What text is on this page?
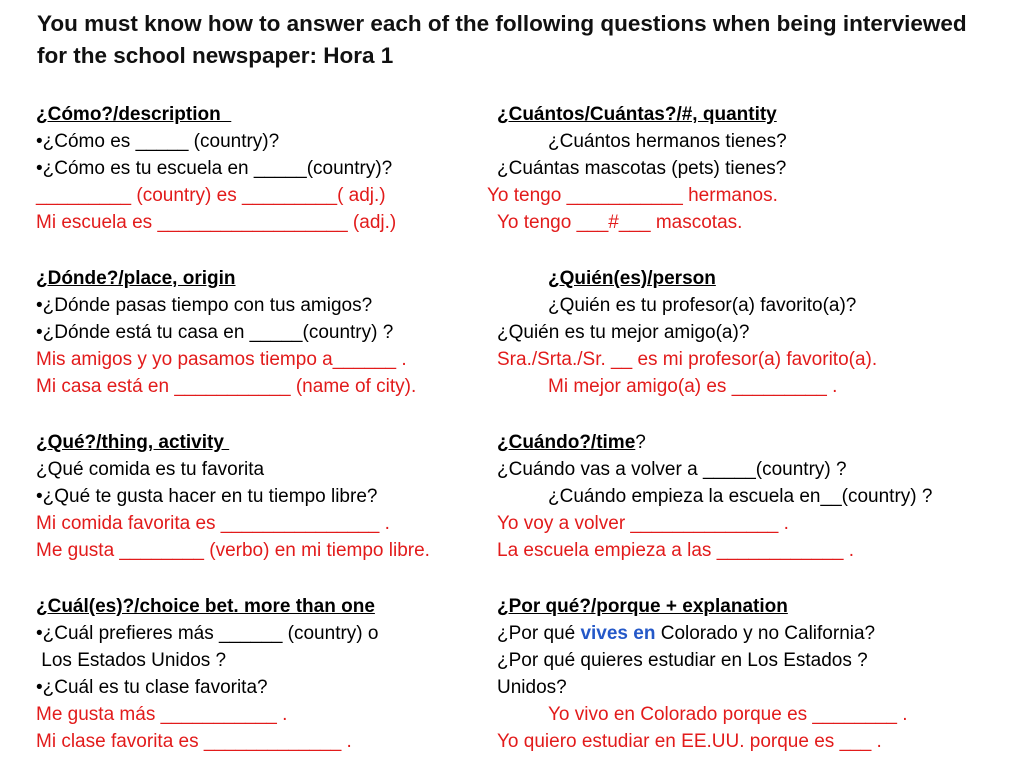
You must know how to answer each of the following questions when being interviewed for the school newspaper: Hora 1
¿Cómo?/description
•¿Cómo es _____ (country)?
•¿Cómo es tu escuela en _____(country)?
_________ (country) es _________( adj.)
Mi escuela es __________________ (adj.)
¿Dónde?/place, origin
•¿Dónde pasas tiempo con tus amigos?
•¿Dónde está tu casa en _____(country) ?
Mis amigos y yo pasamos tiempo a______ .
Mi casa está en ___________ (name of city).
¿Qué?/thing, activity
¿Qué comida es tu favorita
•¿Qué te gusta hacer en tu tiempo libre?
Mi comida favorita es _______________ .
Me gusta ________ (verbo) en mi tiempo libre.
¿Cuál(es)?/choice bet. more than one
•¿Cuál prefieres más ______ (country) o
Los Estados Unidos ?
•¿Cuál es tu clase favorita?
Me gusta más ___________ .
Mi clase favorita es _____________ .
¿Cuántos/Cuántas?/#, quantity
¿Cuántos hermanos tienes?
¿Cuántas mascotas (pets) tienes?
Yo tengo ___________ hermanos.
Yo tengo ___#___ mascotas.
¿Quién(es)/person
¿Quién es tu profesor(a) favorito(a)?
¿Quién es tu mejor amigo(a)?
Sra./Srta./Sr. __ es mi profesor(a) favorito(a).
Mi mejor amigo(a) es _________ .
¿Cuándo?/time?
¿Cuándo vas a volver a _____(country) ?
¿Cuándo empieza la escuela en__(country) ?
Yo voy a volver ______________ .
La escuela empieza a las ____________ .
¿Por qué?/porque + explanation
¿Por qué vives en Colorado y no California?
¿Por qué quieres estudiar en Los Estados ?
Unidos?
Yo vivo en Colorado porque es ________ .
Yo quiero estudiar en EE.UU. porque es ___ .
